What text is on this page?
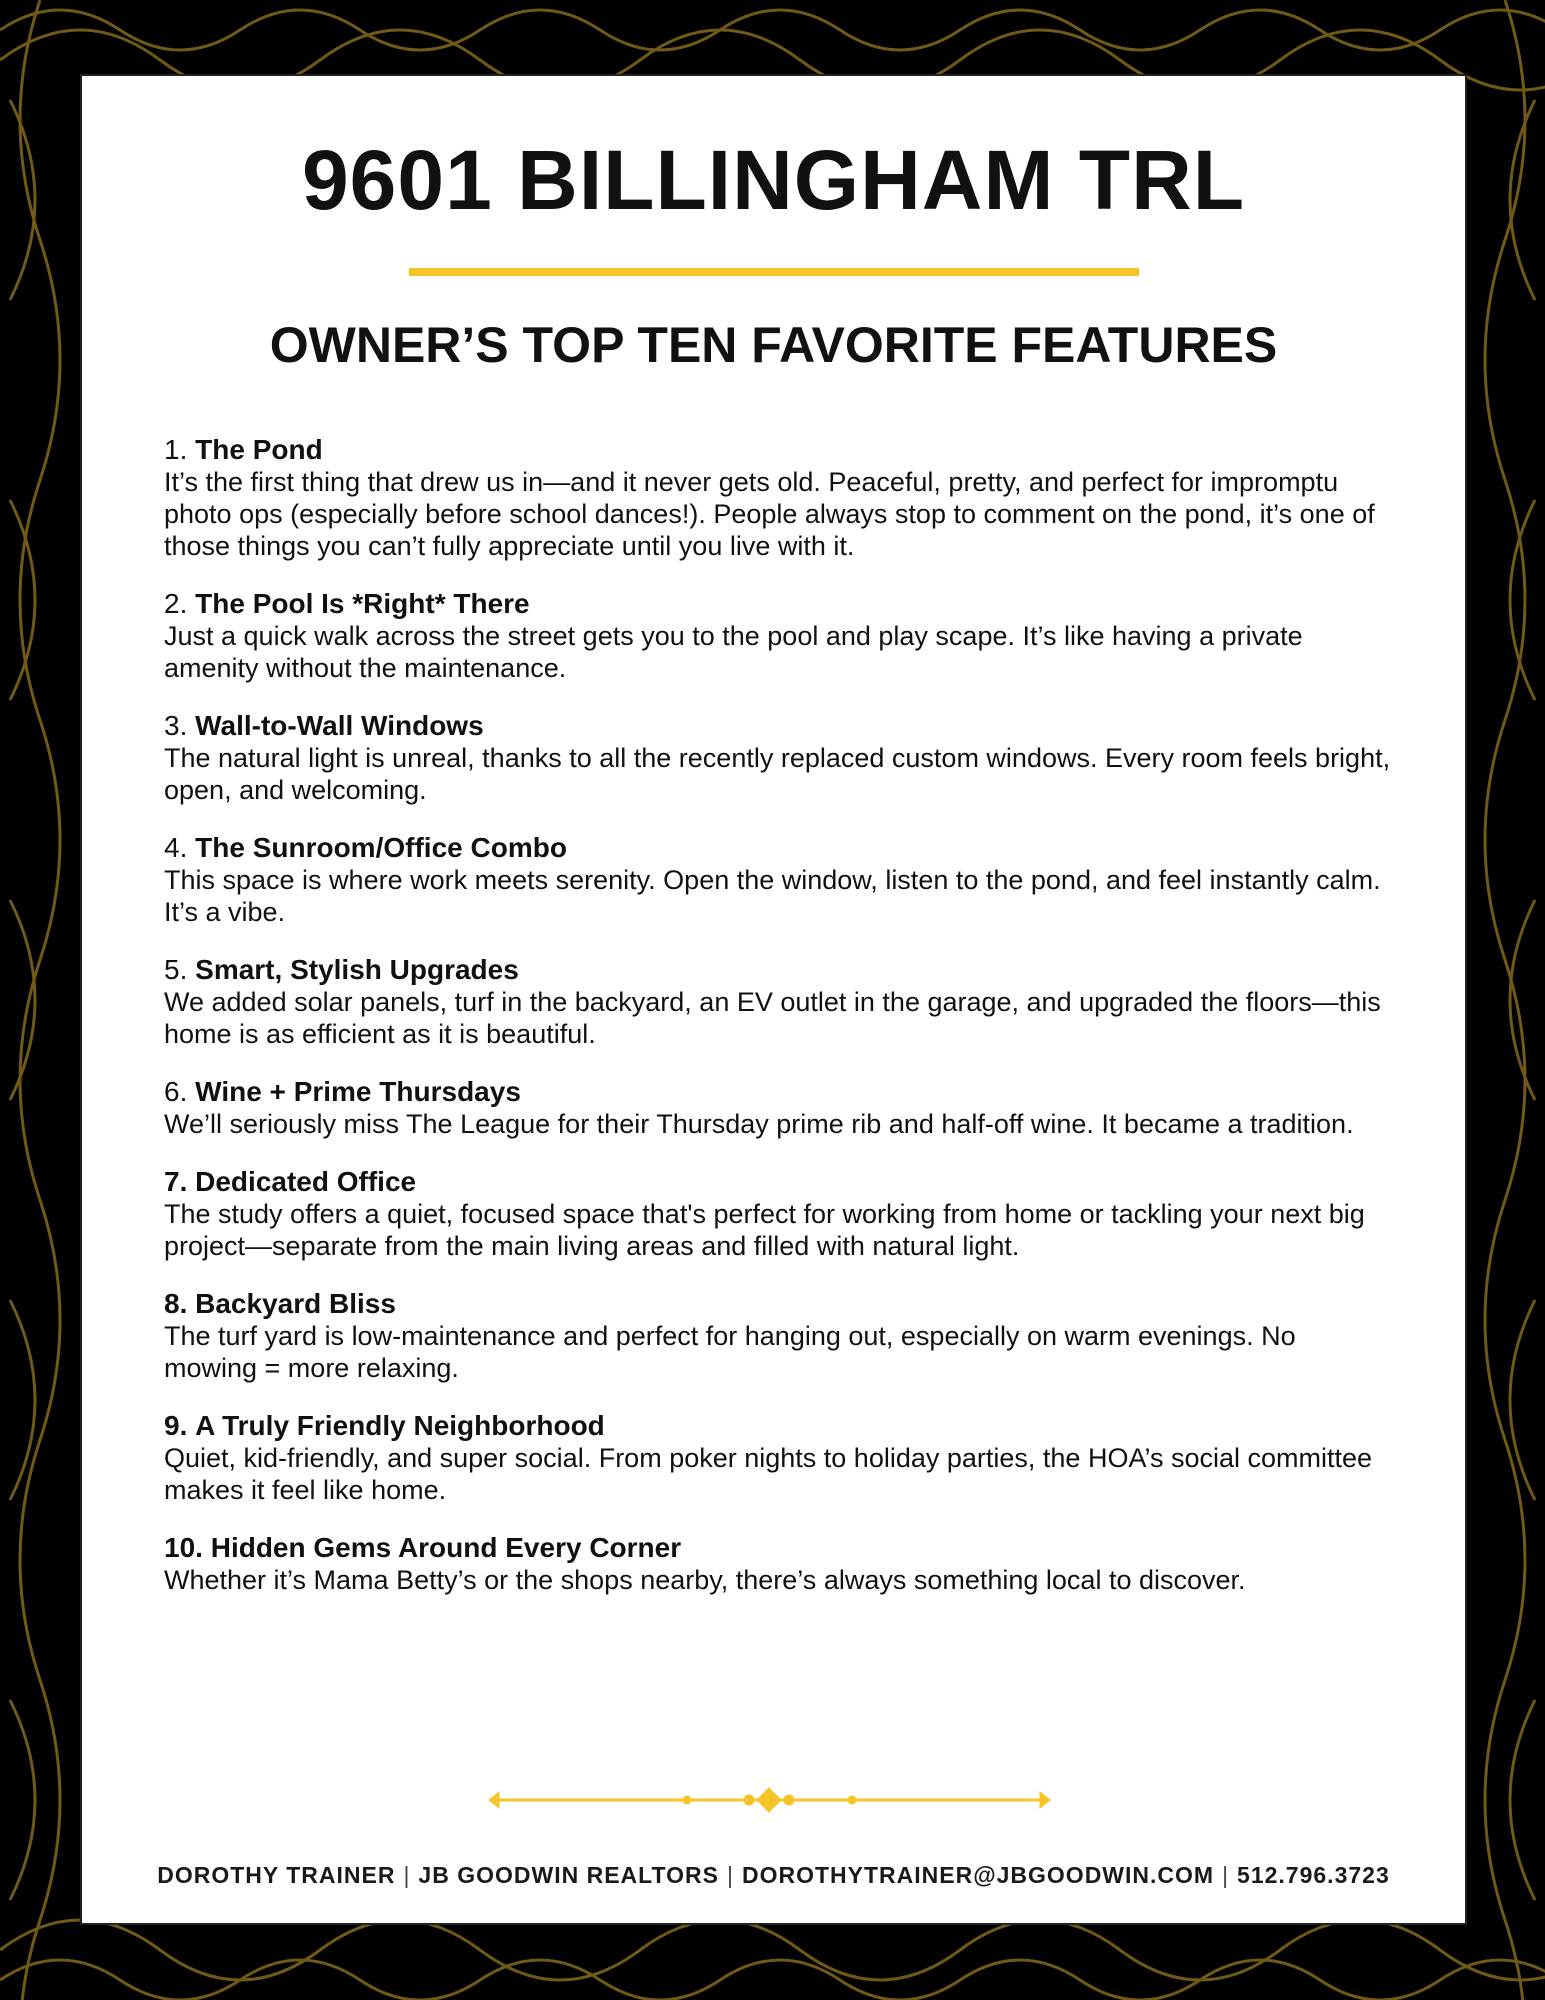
9601 BILLINGHAM TRL
OWNER’S TOP TEN FAVORITE FEATURES
1. The Pond

It’s the first thing that drew us in—and it never gets old. Peaceful, pretty, and perfect for impromptu photo ops (especially before school dances!). People always stop to comment on the pond, it’s one of those things you can’t fully appreciate until you live with it.

2. The Pool Is *Right* There

Just a quick walk across the street gets you to the pool and play scape. It’s like having a private amenity without the maintenance.

3. Wall-to-Wall Windows

The natural light is unreal, thanks to all the recently replaced custom windows. Every room feels bright, open, and welcoming.

4. The Sunroom/Office Combo

This space is where work meets serenity. Open the window, listen to the pond, and feel instantly calm. It’s a vibe.

5. Smart, Stylish Upgrades

We added solar panels, turf in the backyard, an EV outlet in the garage, and upgraded the floors—this home is as efficient as it is beautiful.

6. Wine + Prime Thursdays

We’ll seriously miss The League for their Thursday prime rib and half-off wine. It became a tradition.

7. Dedicated Office

The study offers a quiet, focused space that's perfect for working from home or tackling your next big project—separate from the main living areas and filled with natural light.

8. Backyard Bliss

The turf yard is low-maintenance and perfect for hanging out, especially on warm evenings. No mowing = more relaxing.

9. A Truly Friendly Neighborhood

Quiet, kid-friendly, and super social. From poker nights to holiday parties, the HOA’s social committee makes it feel like home.

10. Hidden Gems Around Every Corner

Whether it’s Mama Betty’s or the shops nearby, there’s always something local to discover.

DOROTHY TRAINER | JB GOODWIN REALTORS | DOROTHYTRAINER@JBGOODWIN.COM | 512.796.3723
